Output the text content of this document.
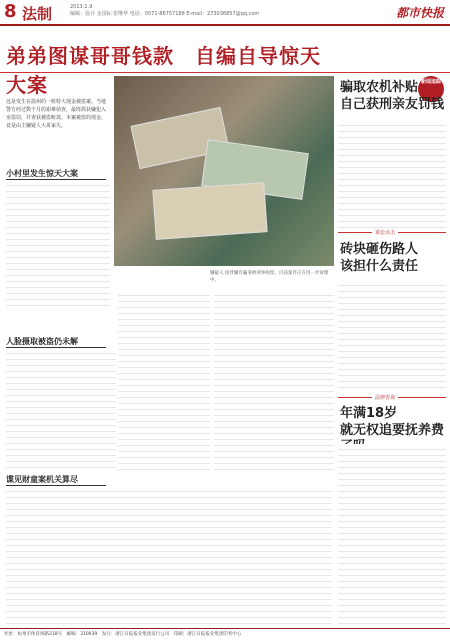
8 法制	2013.1.9
编辑：设计 金国标 张继华 电话：0571-86757188 E-mail：273036857@qq.com	都市快报
弟弟图谋哥哥钱款　自编自导惊天大案
嫌疑人 因涉嫌诈骗罪被刑事拘留，目前案件正在进一步审理中。
这是发生在温州的一桩特大现金被盗案。当地警方经过数个月的艰难侦查，最终抓获嫌犯入室盗窃，并查获被盗赃款。本案被盗的现金，竟是由主嫌疑人大哥家失。
小村里发生惊天大案
人脸摄取被盗仍未解
谍见财童案机关算尽
新闻追踪
骗取农机补贴
自己获刑亲友罚钱
诉讼点击
砖块砸伤路人
该担什么责任
法律咨询
年满18岁
就无权追要抚养费
社址：杭州市体育场路218号　邮编：310039　发行：浙江日报报业集团发行公司　印刷：浙江日报报业集团印务中心
